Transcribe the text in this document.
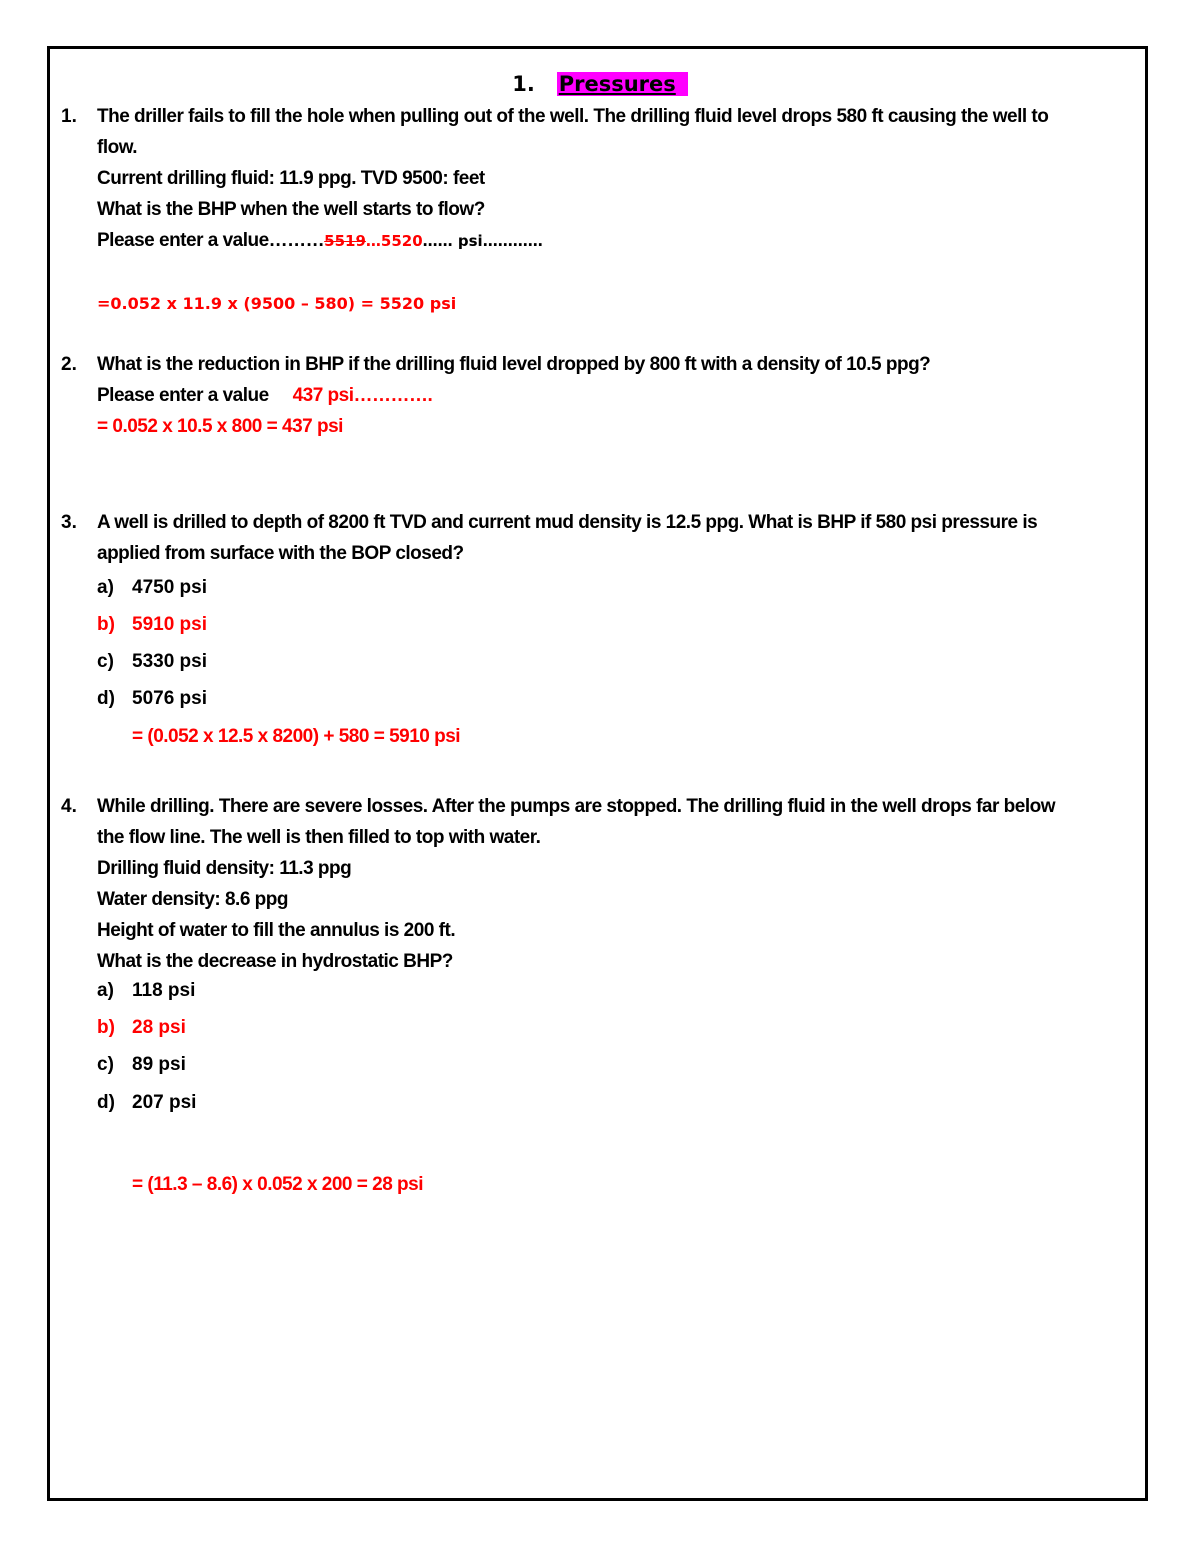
1. Pressures
1. The driller fails to fill the hole when pulling out of the well. The drilling fluid level drops 580 ft causing the well to
flow.
Current drilling fluid: 11.9 ppg. TVD 9500: feet
What is the BHP when the well starts to flow?
Please enter a value………5519…5520…… psi…………
=0.052 x 11.9 x (9500 – 580) = 5520 psi
2. What is the reduction in BHP if the drilling fluid level dropped by 800 ft with a density of 10.5 ppg?
Please enter a value 437 psi………….
= 0.052 x 10.5 x 800 = 437 psi
3. A well is drilled to depth of 8200 ft TVD and current mud density is 12.5 ppg. What is BHP if 580 psi pressure is
applied from surface with the BOP closed?
a) 4750 psi
b) 5910 psi
c) 5330 psi
d) 5076 psi
= (0.052 x 12.5 x 8200) + 580 = 5910 psi
4. While drilling. There are severe losses. After the pumps are stopped. The drilling fluid in the well drops far below
the flow line. The well is then filled to top with water.
Drilling fluid density: 11.3 ppg
Water density: 8.6 ppg
Height of water to fill the annulus is 200 ft.
What is the decrease in hydrostatic BHP?
a) 118 psi
b) 28 psi
c) 89 psi
d) 207 psi
= (11.3 – 8.6) x 0.052 x 200 = 28 psi
